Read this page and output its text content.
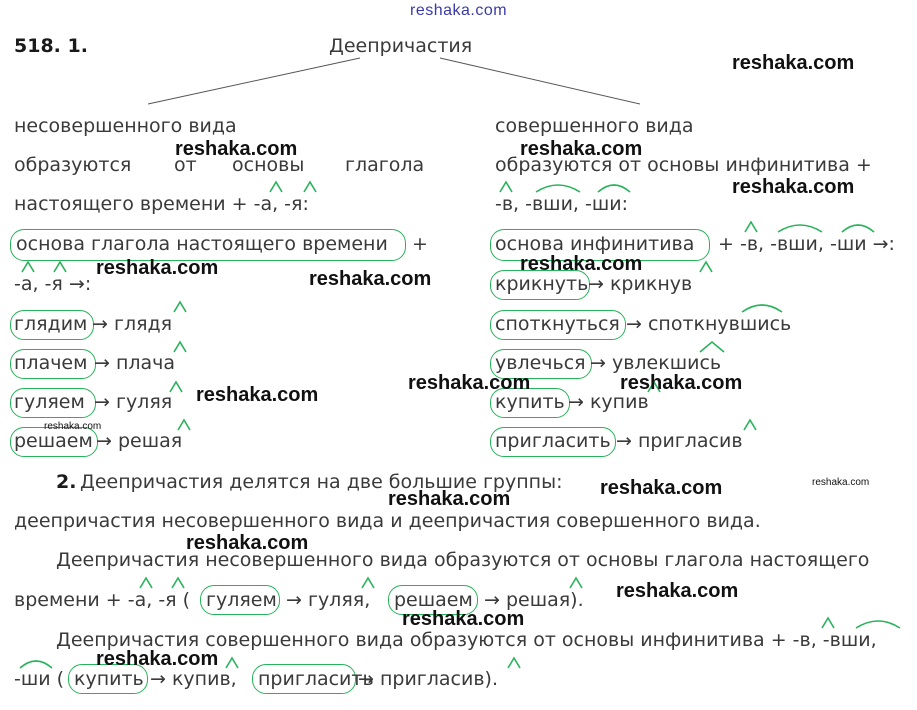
reshaka.com
518. 1.	Деепричастия
несовершенного вида
образуются от основы глагола
настоящего времени + -а, -я:
основа глагола настоящего времени +
-а, -я →:
глядим → глядя
плачем → плача
гуляем → гуляя
решаем → решая
совершенного вида
образуются от основы инфинитива +
-в, -вши, -ши:
основа инфинитива + -в, -вши, -ши →:
крикнуть → крикнув
споткнуться → споткнувшись
увлечься → увлекшись
купить → купив
пригласить → пригласив
2. Деепричастия делятся на две большие группы:
деепричастия несовершенного вида и деепричастия совершенного вида.
Деепричастия несовершенного вида образуются от основы глагола настоящего
времени + -а, -я ( гуляем → гуляя, решаем → решая).
Деепричастия совершенного вида образуются от основы инфинитива + -в, -вши,
-ши ( купить → купив, пригласить
→ пригласив).
reshaka.com
reshaka.com	reshaka.com
reshaka.com
reshaka.com	reshaka.com
reshaka.com
reshaka.com	reshaka.com
reshaka.com
reshaka.com
reshaka.com	reshaka.com
reshaka.com
reshaka.com
reshaka.com
reshaka.com
reshaka.com
